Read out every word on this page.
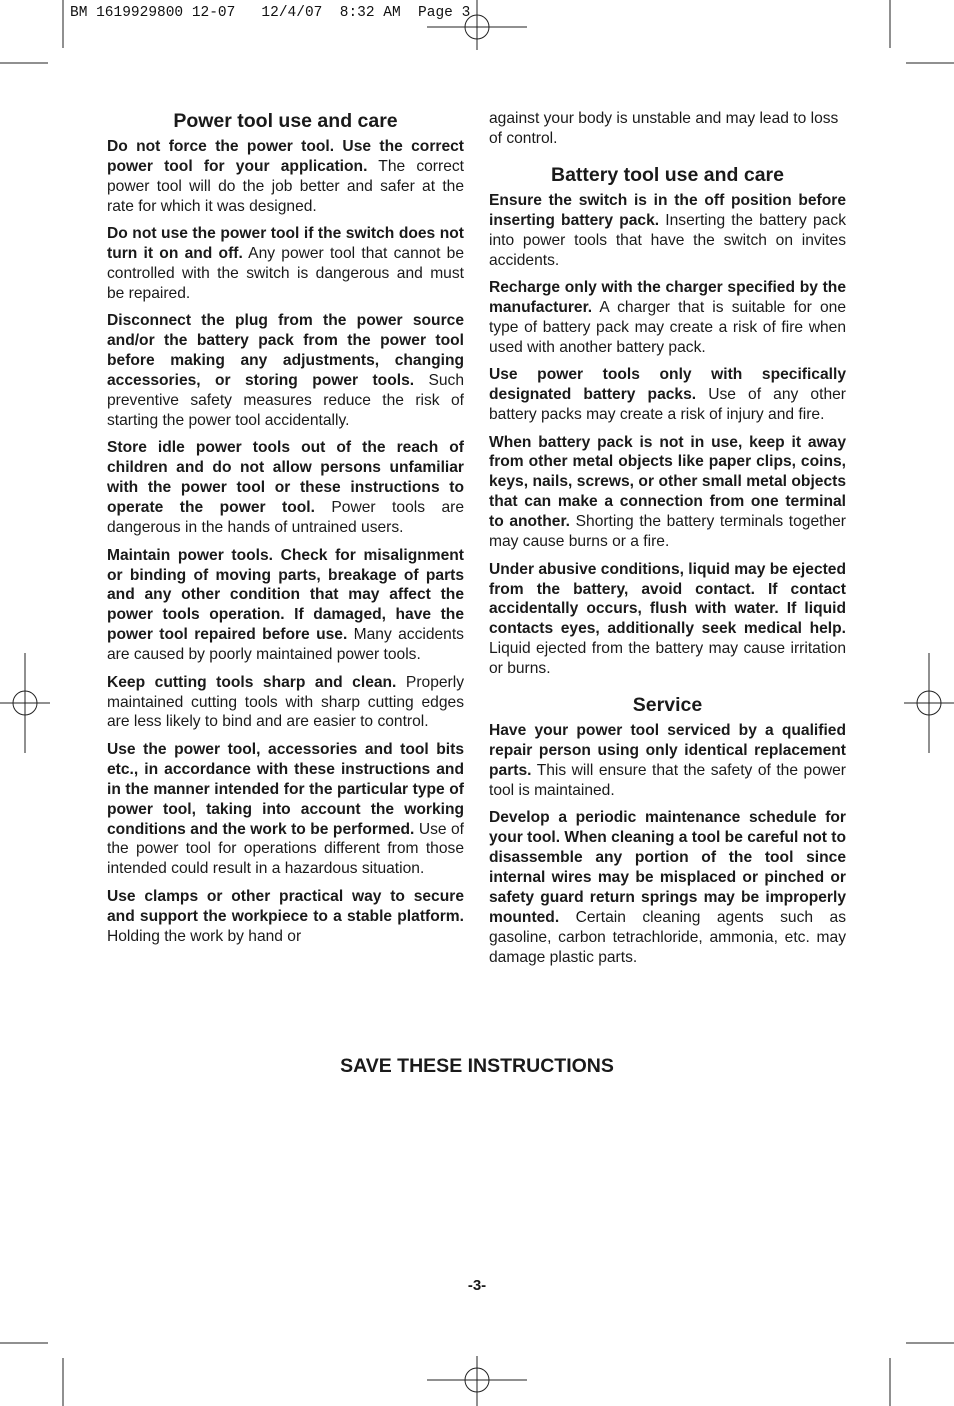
BM 1619929800 12-07   12/4/07  8:32 AM  Page 3
Power tool use and care

Do not force the power tool. Use the correct power tool for your application. The correct power tool will do the job better and safer at the rate for which it was designed.

Do not use the power tool if the switch does not turn it on and off. Any power tool that cannot be controlled with the switch is dangerous and must be repaired.

Disconnect the plug from the power source and/or the battery pack from the power tool before making any adjustments, changing accessories, or storing power tools. Such preventive safety measures reduce the risk of starting the power tool accidentally.

Store idle power tools out of the reach of children and do not allow persons unfamiliar with the power tool or these instructions to operate the power tool. Power tools are dangerous in the hands of untrained users.

Maintain power tools. Check for misalignment or binding of moving parts, breakage of parts and any other condition that may affect the power tools operation. If damaged, have the power tool repaired before use. Many accidents are caused by poorly maintained power tools.

Keep cutting tools sharp and clean. Properly maintained cutting tools with sharp cutting edges are less likely to bind and are easier to control.

Use the power tool, accessories and tool bits etc., in accordance with these instructions and in the manner intended for the particular type of power tool, taking into account the working conditions and the work to be performed. Use of the power tool for operations different from those intended could result in a hazardous situation.

Use clamps or other practical way to secure and support the workpiece to a stable platform. Holding the work by hand or

against your body is unstable and may lead to loss of control.

Battery tool use and care

Ensure the switch is in the off position before inserting battery pack. Inserting the battery pack into power tools that have the switch on invites accidents.

Recharge only with the charger specified by the manufacturer. A charger that is suitable for one type of battery pack may create a risk of fire when used with another battery pack.

Use power tools only with specifically designated battery packs. Use of any other battery packs may create a risk of injury and fire.

When battery pack is not in use, keep it away from other metal objects like paper clips, coins, keys, nails, screws, or other small metal objects that can make a connection from one terminal to another. Shorting the battery terminals together may cause burns or a fire.

Under abusive conditions, liquid may be ejected from the battery, avoid contact. If contact accidentally occurs, flush with water. If liquid contacts eyes, additionally seek medical help. Liquid ejected from the battery may cause irritation or burns.

Service

Have your power tool serviced by a qualified repair person using only identical replacement parts. This will ensure that the safety of the power tool is maintained.

Develop a periodic maintenance schedule for your tool. When cleaning a tool be careful not to disassemble any portion of the tool since internal wires may be misplaced or pinched or safety guard return springs may be improperly mounted. Certain cleaning agents such as gasoline, carbon tetrachloride, ammonia, etc. may damage plastic parts.

SAVE THESE INSTRUCTIONS
-3-
